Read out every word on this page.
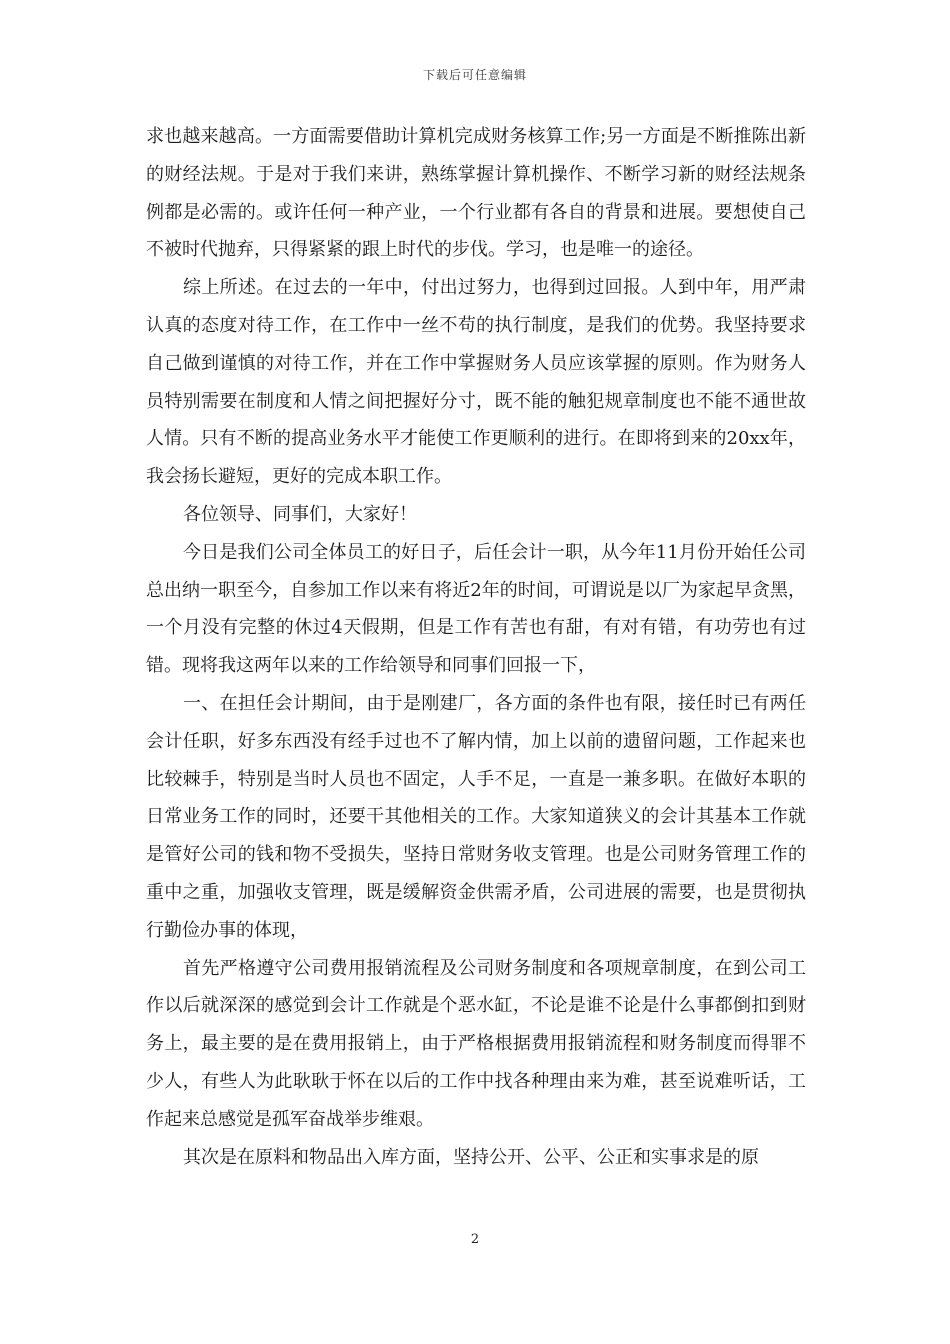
下载后可任意编辑

求也越来越高。一方面需要借助计算机完成财务核算工作;另一方面是不断推陈出新的财经法规。于是对于我们来讲，熟练掌握计算机操作、不断学习新的财经法规条例都是必需的。或许任何一种产业，一个行业都有各自的背景和进展。要想使自己不被时代抛弃，只得紧紧的跟上时代的步伐。学习，也是唯一的途径。

综上所述。在过去的一年中，付出过努力，也得到过回报。人到中年，用严肃认真的态度对待工作，在工作中一丝不苟的执行制度，是我们的优势。我坚持要求自己做到谨慎的对待工作，并在工作中掌握财务人员应该掌握的原则。作为财务人员特别需要在制度和人情之间把握好分寸，既不能的触犯规章制度也不能不通世故人情。只有不断的提高业务水平才能使工作更顺利的进行。在即将到来的20xx年，我会扬长避短，更好的完成本职工作。

各位领导、同事们，大家好！

今日是我们公司全体员工的好日子，后任会计一职，从今年11月份开始任公司总出纳一职至今，自参加工作以来有将近2年的时间，可谓说是以厂为家起早贪黑，一个月没有完整的休过4天假期，但是工作有苦也有甜，有对有错，有功劳也有过错。现将我这两年以来的工作给领导和同事们回报一下，

一、在担任会计期间，由于是刚建厂，各方面的条件也有限，接任时已有两任会计任职，好多东西没有经手过也不了解内情，加上以前的遗留问题，工作起来也比较棘手，特别是当时人员也不固定，人手不足，一直是一兼多职。在做好本职的日常业务工作的同时，还要干其他相关的工作。大家知道狭义的会计其基本工作就是管好公司的钱和物不受损失，坚持日常财务收支管理。也是公司财务管理工作的重中之重，加强收支管理，既是缓解资金供需矛盾，公司进展的需要，也是贯彻执行勤俭办事的体现，

首先严格遵守公司费用报销流程及公司财务制度和各项规章制度，在到公司工作以后就深深的感觉到会计工作就是个恶水缸，不论是谁不论是什么事都倒扣到财务上，最主要的是在费用报销上，由于严格根据费用报销流程和财务制度而得罪不少人，有些人为此耿耿于怀在以后的工作中找各种理由来为难，甚至说难听话，工作起来总感觉是孤军奋战举步维艰。

其次是在原料和物品出入库方面，坚持公开、公平、公正和实事求是的原

2
